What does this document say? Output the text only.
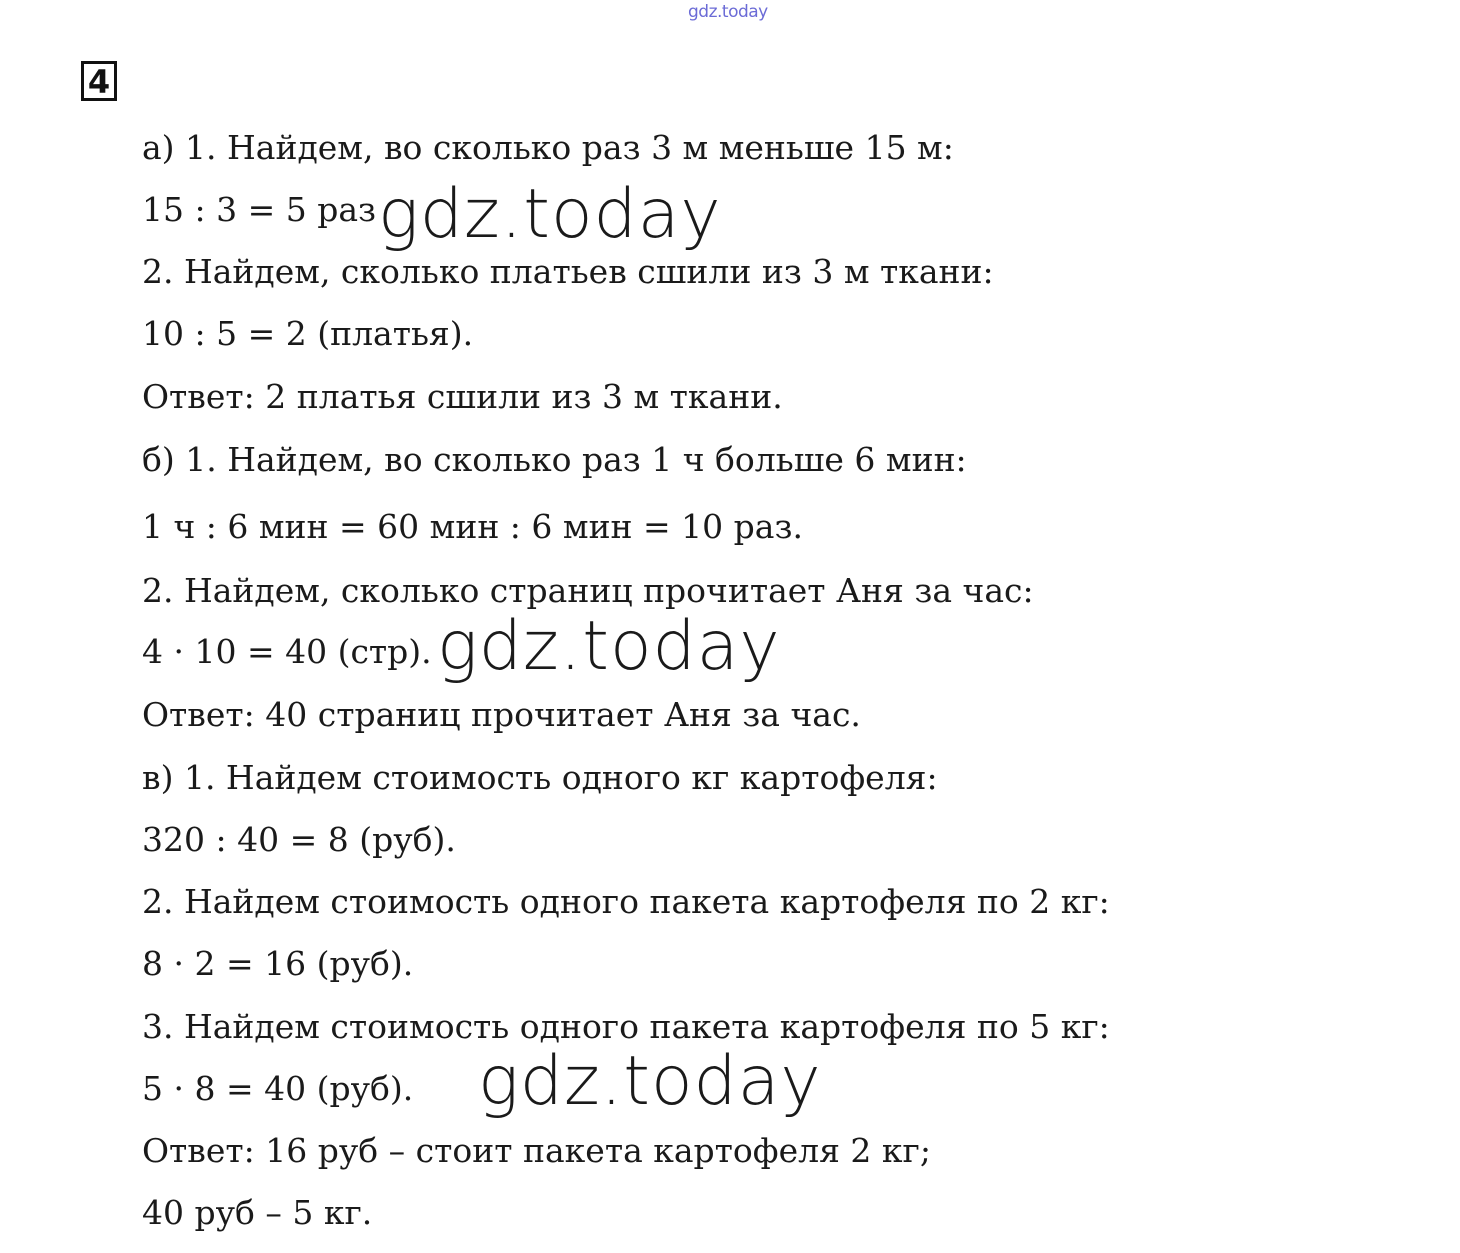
gdz.today
4
а) 1. Найдем, во сколько раз 3 м меньше 15 м:
15 : 3 = 5 раз
2. Найдем, сколько платьев сшили из 3 м ткани:
10 : 5 = 2 (платья).
Ответ: 2 платья сшили из 3 м ткани.
б) 1. Найдем, во сколько раз 1 ч больше 6 мин:
1 ч : 6 мин = 60 мин : 6 мин = 10 раз.
2. Найдем, сколько страниц прочитает Аня за час:
4 · 10 = 40 (стр).
Ответ: 40 страниц прочитает Аня за час.
в) 1. Найдем стоимость одного кг картофеля:
320 : 40 = 8 (руб).
2. Найдем стоимость одного пакета картофеля по 2 кг:
8 · 2 = 16 (руб).
3. Найдем стоимость одного пакета картофеля по 5 кг:
5 · 8 = 40 (руб).
Ответ: 16 руб – стоит пакета картофеля 2 кг;
40 руб – 5 кг.
gdz.today
gdz.today
gdz.today
